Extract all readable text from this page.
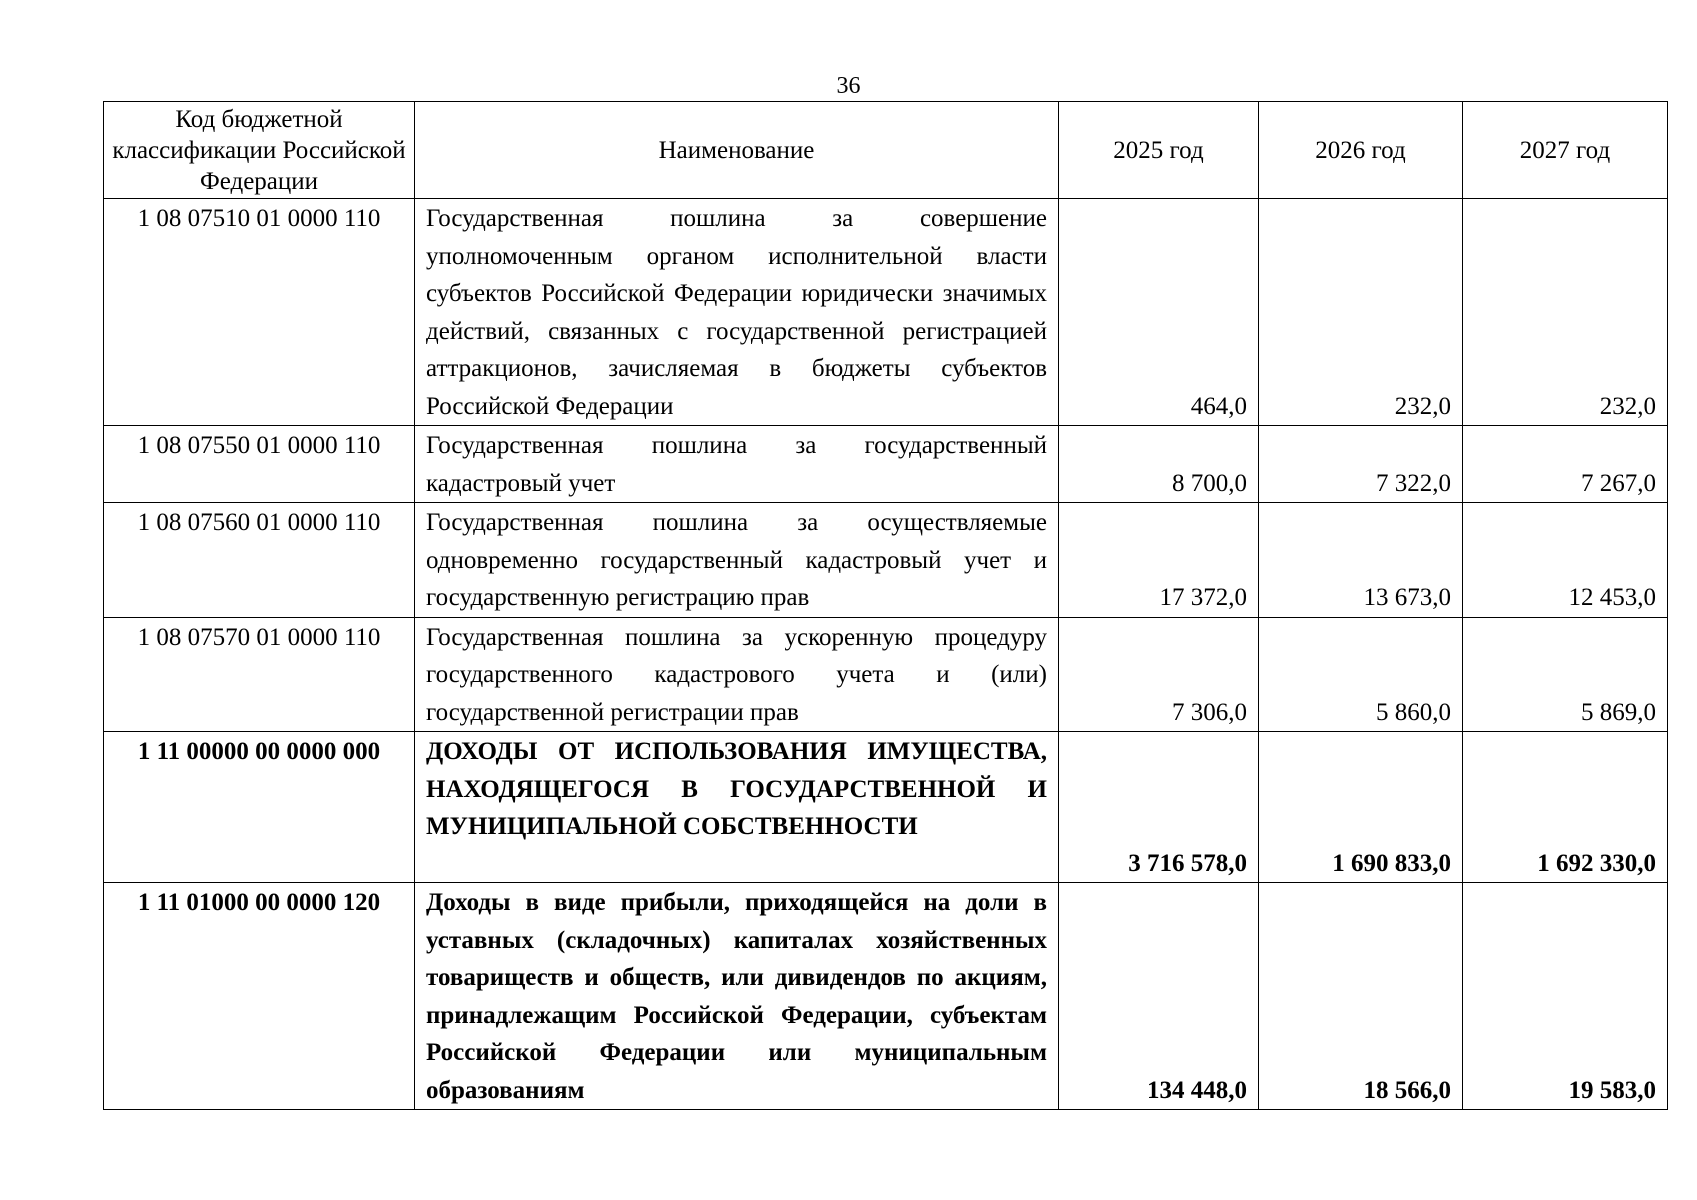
36
Код бюджетной классификации Российской Федерации	Наименование	2025 год	2026 год	2027 год
1 08 07510 01 0000 110	Государственная пошлина за совершение уполномоченным органом исполнительной власти субъектов Российской Федерации юридически значимых действий, связанных с государственной регистрацией аттракционов, зачисляемая в бюджеты субъектов Российской Федерации	464,0	232,0	232,0
1 08 07550 01 0000 110	Государственная пошлина за государственный кадастровый учет	8 700,0	7 322,0	7 267,0
1 08 07560 01 0000 110	Государственная пошлина за осуществляемые одновременно государственный кадастровый учет и государственную регистрацию прав	17 372,0	13 673,0	12 453,0
1 08 07570 01 0000 110	Государственная пошлина за ускоренную процедуру государственного кадастрового учета и (или) государственной регистрации прав	7 306,0	5 860,0	5 869,0
1 11 00000 00 0000 000	ДОХОДЫ ОТ ИСПОЛЬЗОВАНИЯ ИМУЩЕСТВА, НАХОДЯЩЕГОСЯ В ГОСУДАРСТВЕННОЙ И МУНИЦИПАЛЬНОЙ СОБСТВЕННОСТИ	3 716 578,0	1 690 833,0	1 692 330,0
1 11 01000 00 0000 120	Доходы в виде прибыли, приходящейся на доли в уставных (складочных) капиталах хозяйственных товариществ и обществ, или дивидендов по акциям, принадлежащим Российской Федерации, субъектам Российской Федерации или муниципальным образованиям	134 448,0	18 566,0	19 583,0
